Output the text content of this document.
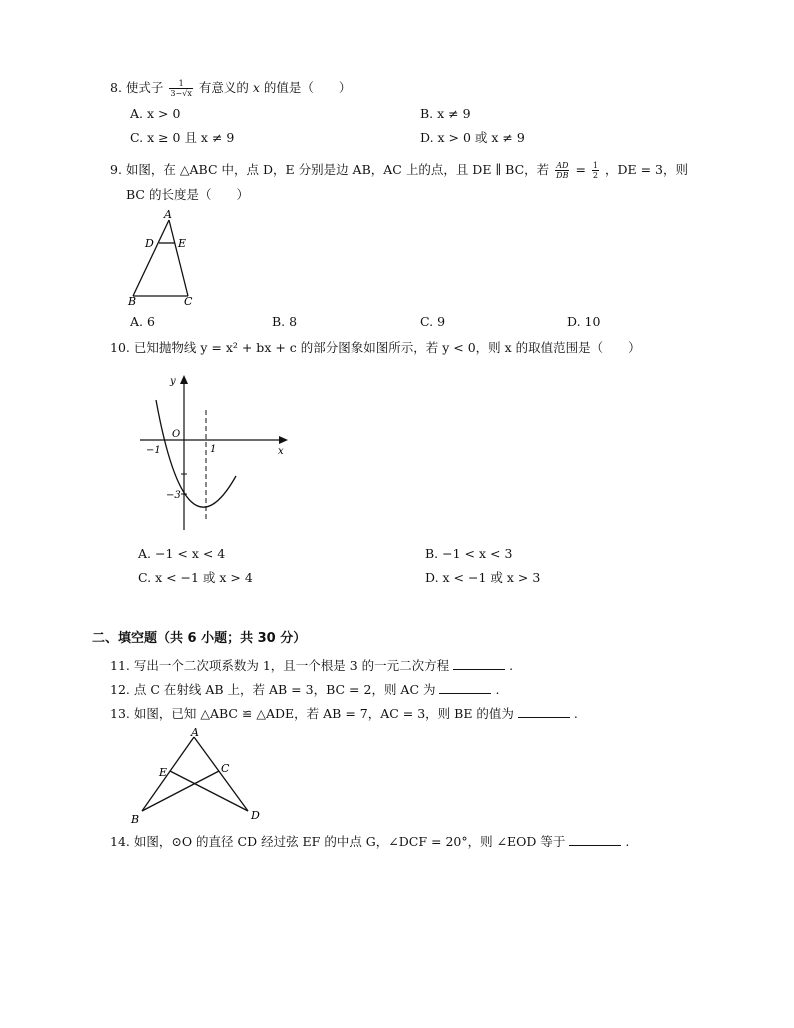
8. 使式子 $\frac{1}{3-√x}$ 有意义的 x 的值是（　　）
A. x > 0	B. x ≠ 9
C. x ≥ 0 且 x ≠ 9	D. x > 0 或 x ≠ 9
9. 如图，在 △ABC 中，点 D，E 分别是边 AB，AC 上的点，且 DE ∥ BC，若 $\frac{AD}{DB} = \frac{1}{2}$ ，DE = 3，则
BC 的长度是（　　）
A
D E
B	C
A. 6	B. 8	C. 9	D. 10
10. 已知抛物线 y = x² + bx + c 的部分图象如图所示，若 y < 0，则 x 的取值范围是（　　）
y
x
O
−1	1
−3
A. −1 < x < 4	B. −1 < x < 3
C. x < −1 或 x > 4	D. x < −1 或 x > 3
二、填空题（共 6 小题；共 30 分）
11. 写出一个二次项系数为 1，且一个根是 3 的一元二次方程	.
12. 点 C 在射线 AB 上，若 AB = 3，BC = 2，则 AC 为	.
13. 如图，已知 △ABC ≌ △ADE，若 AB = 7，AC = 3，则 BE 的值为	.
A
E	C
B	D
14. 如图，⊙O 的直径 CD 经过弦 EF 的中点 G，∠DCF = 20°，则 ∠EOD 等于	.
